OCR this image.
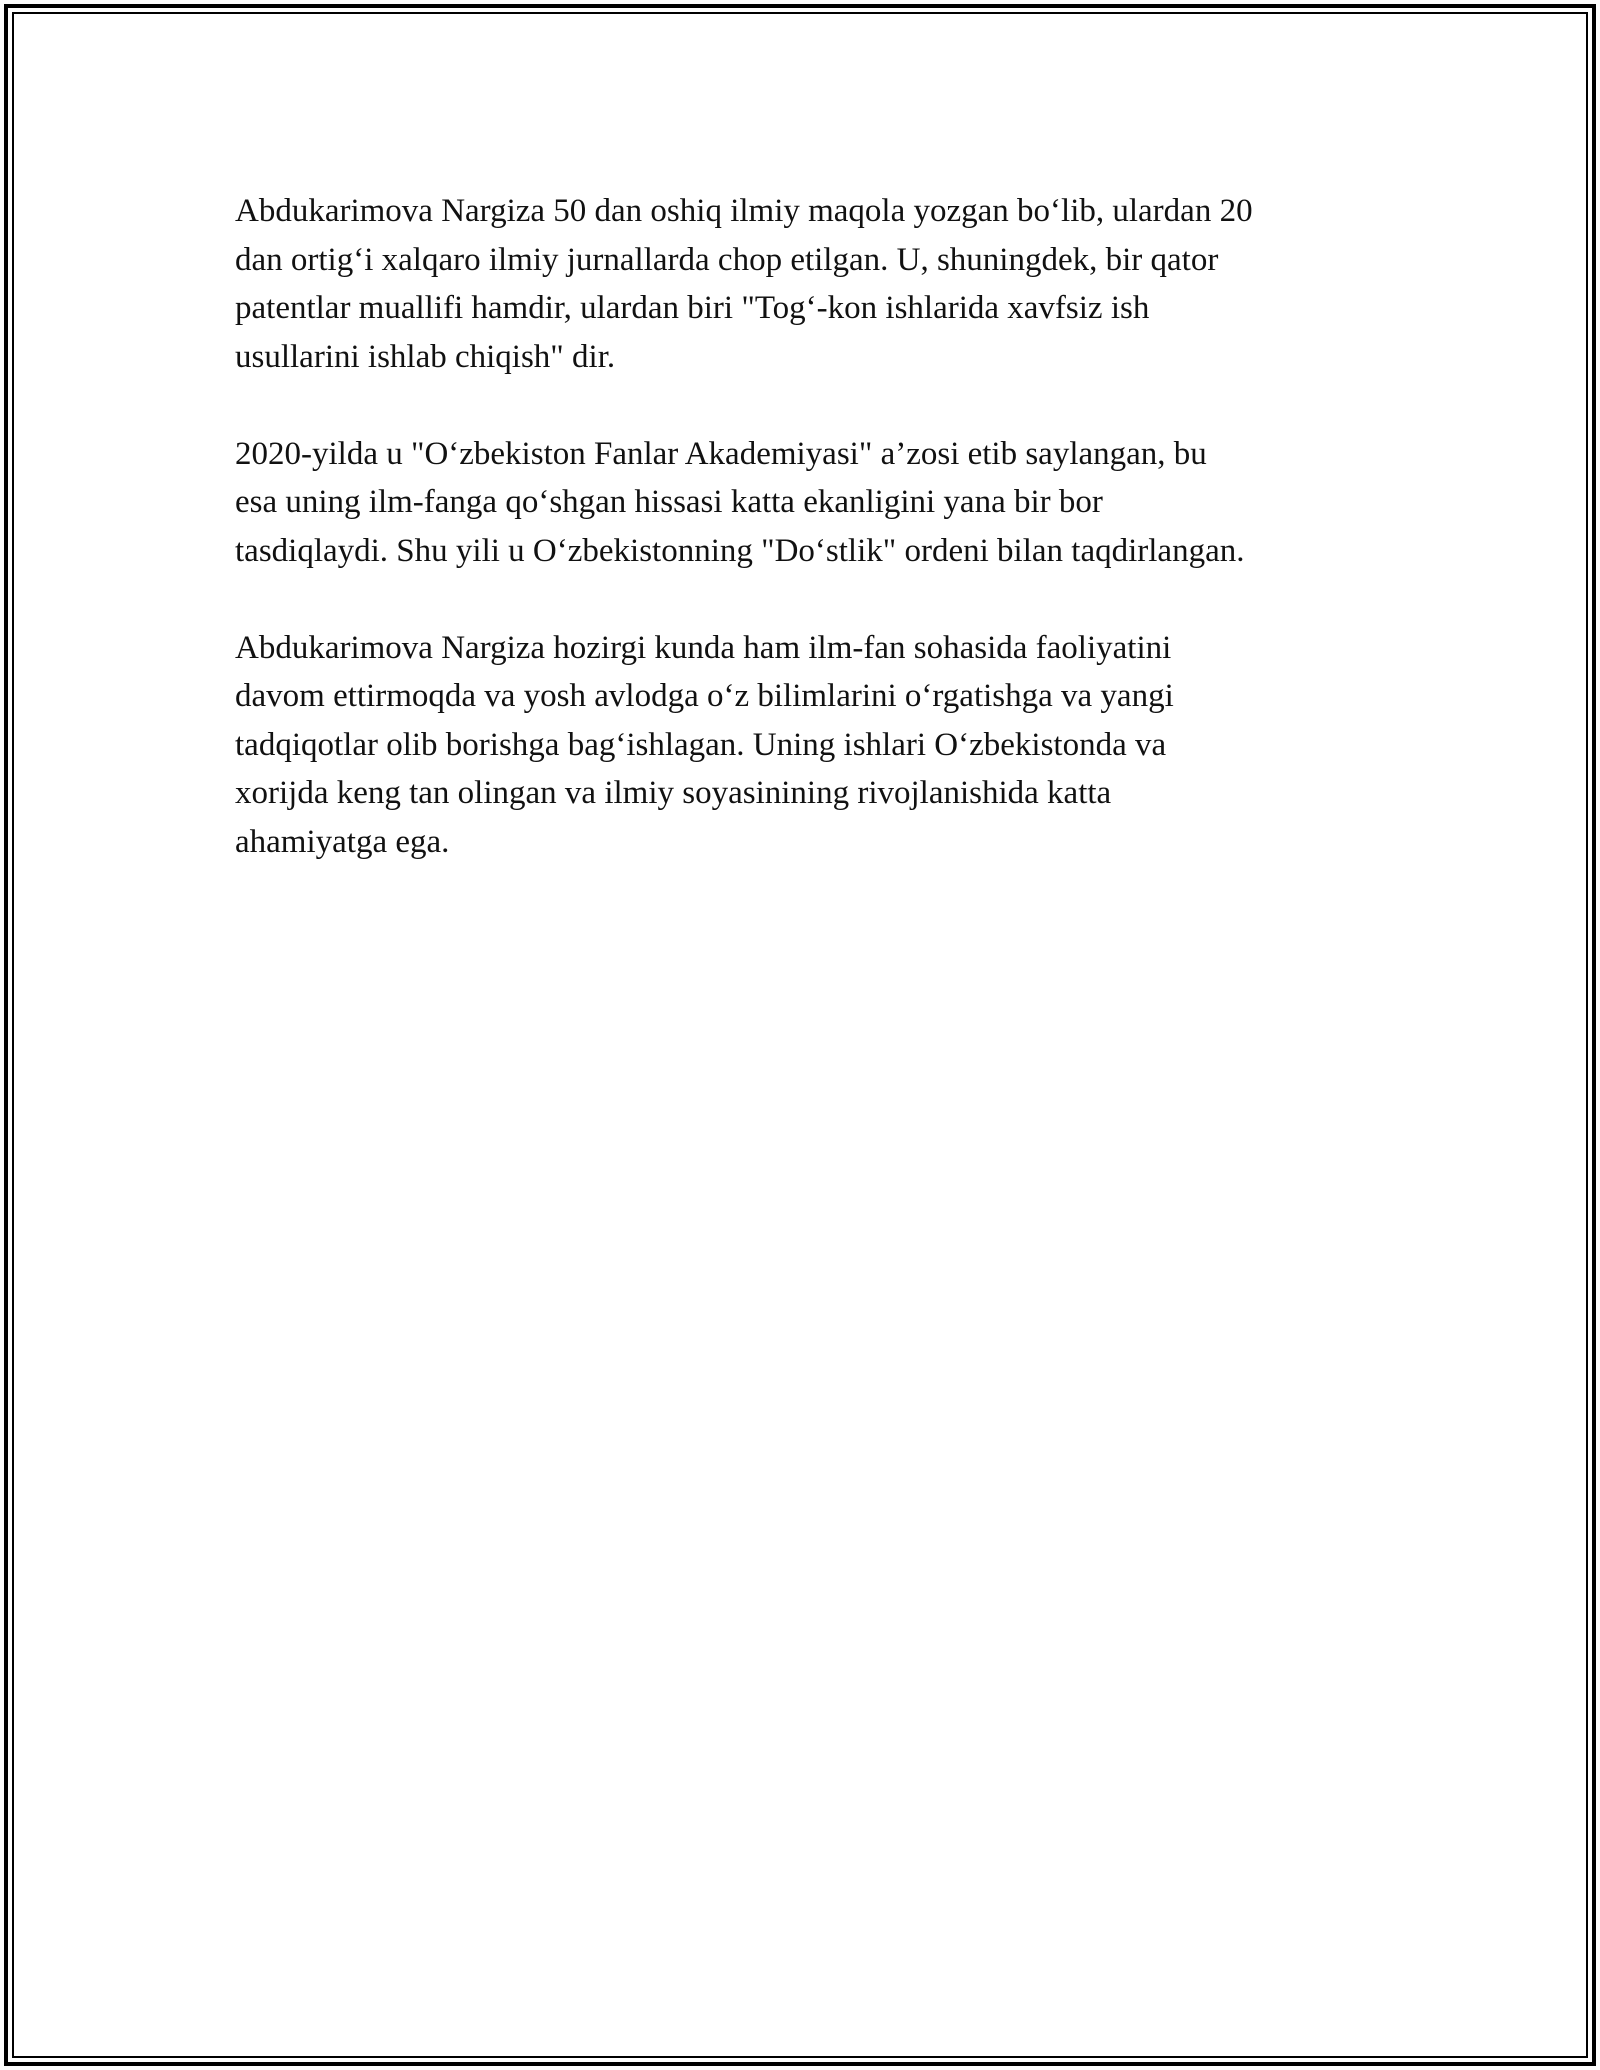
Abdukarimova Nargiza 50 dan oshiq ilmiy maqola yozgan bo‘lib, ulardan 20
dan ortig‘i xalqaro ilmiy jurnallarda chop etilgan. U, shuningdek, bir qator
patentlar muallifi hamdir, ulardan biri "Tog‘-kon ishlarida xavfsiz ish
usullarini ishlab chiqish" dir.

2020-yilda u "O‘zbekiston Fanlar Akademiyasi" a’zosi etib saylangan, bu
esa uning ilm-fanga qo‘shgan hissasi katta ekanligini yana bir bor
tasdiqlaydi. Shu yili u O‘zbekistonning "Do‘stlik" ordeni bilan taqdirlangan.

Abdukarimova Nargiza hozirgi kunda ham ilm-fan sohasida faoliyatini
davom ettirmoqda va yosh avlodga o‘z bilimlarini o‘rgatishga va yangi
tadqiqotlar olib borishga bag‘ishlagan. Uning ishlari O‘zbekistonda va
xorijda keng tan olingan va ilmiy soyasinining rivojlanishida katta
ahamiyatga ega.
